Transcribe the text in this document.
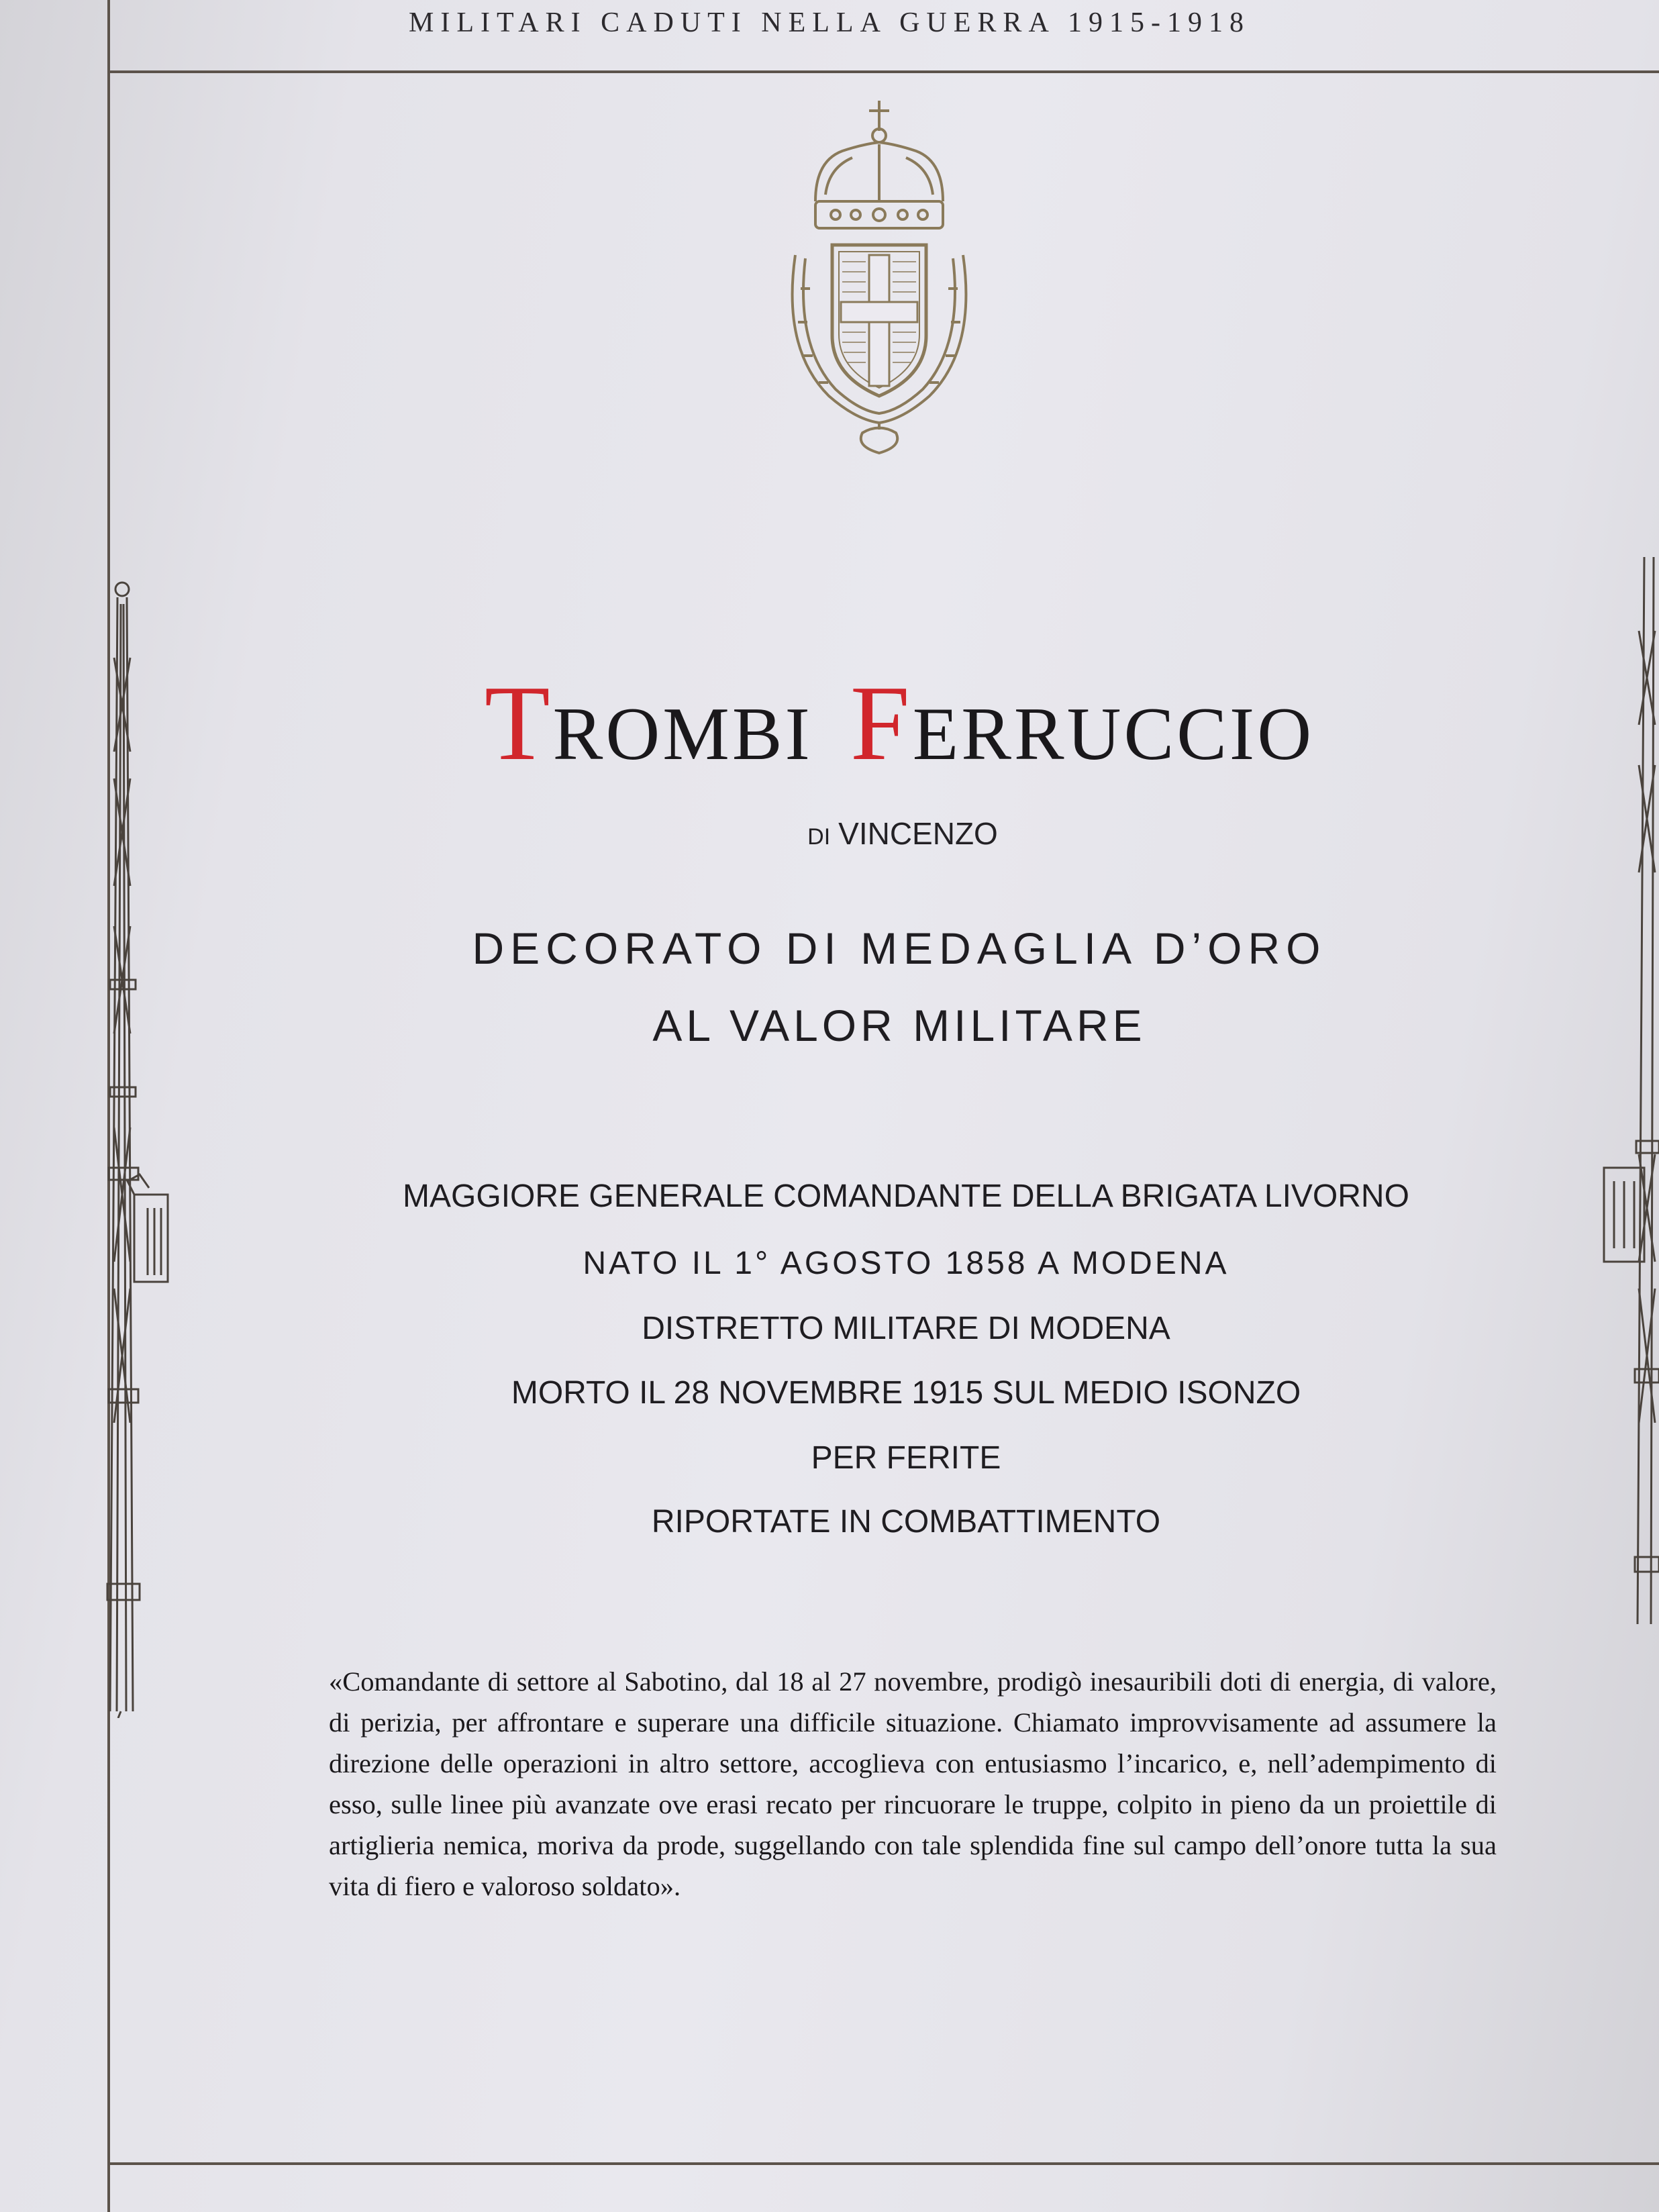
MILITARI CADUTI NELLA GUERRA 1915-1918
TROMBI FERRUCCIO
DI VINCENZO
DECORATO DI MEDAGLIA D’ORO
AL VALOR MILITARE
MAGGIORE GENERALE COMANDANTE DELLA BRIGATA LIVORNO
NATO IL 1° AGOSTO 1858 A MODENA
DISTRETTO MILITARE DI MODENA
MORTO IL 28 NOVEMBRE 1915 SUL MEDIO ISONZO
PER FERITE
RIPORTATE IN COMBATTIMENTO
«Comandante di settore al Sabotino, dal 18 al 27 novembre, prodigò inesauribili doti di energia, di valore, di perizia, per affrontare e superare una difficile situazione. Chiamato improvvisamente ad assumere la direzione delle operazioni in altro settore, accoglieva con entusiasmo l’incarico, e, nell’adempimento di esso, sulle linee più avanzate ove erasi recato per rincuorare le truppe, colpito in pieno da un proiettile di artiglieria nemica, moriva da prode, suggellando con tale splendida fine sul campo dell’onore tutta la sua vita di fiero e valoroso soldato».
